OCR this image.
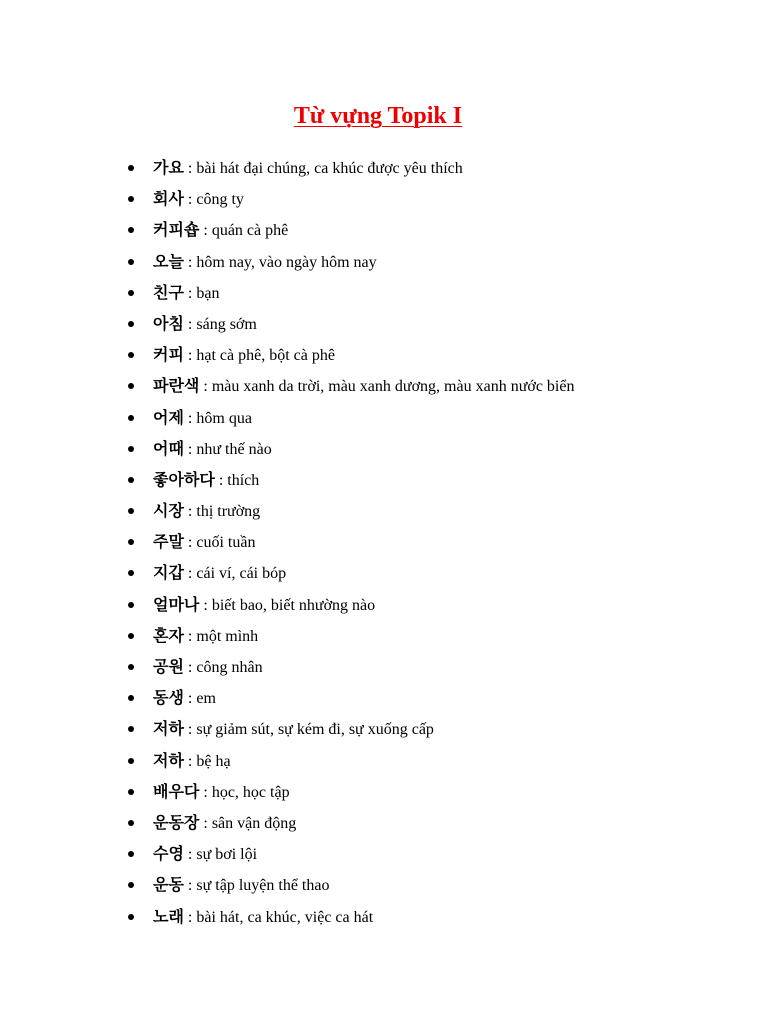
Từ vựng Topik I
가요 : bài hát đại chúng, ca khúc được yêu thích
회사 : công ty
커피숍 : quán cà phê
오늘 : hôm nay, vào ngày hôm nay
친구 : bạn
아침 : sáng sớm
커피 : hạt cà phê, bột cà phê
파란색 : màu xanh da trời, màu xanh dương, màu xanh nước biển
어제 : hôm qua
어때 : như thế nào
좋아하다 : thích
시장 : thị trường
주말 : cuối tuần
지갑 : cái ví, cái bóp
얼마나 : biết bao, biết nhường nào
혼자 : một mình
공원 : công nhân
동생 : em
저하 : sự giảm sút, sự kém đi, sự xuống cấp
저하 : bệ hạ
배우다 : học, học tập
운동장 : sân vận động
수영 : sự bơi lội
운동 : sự tập luyện thể thao
노래 : bài hát, ca khúc, việc ca hát
